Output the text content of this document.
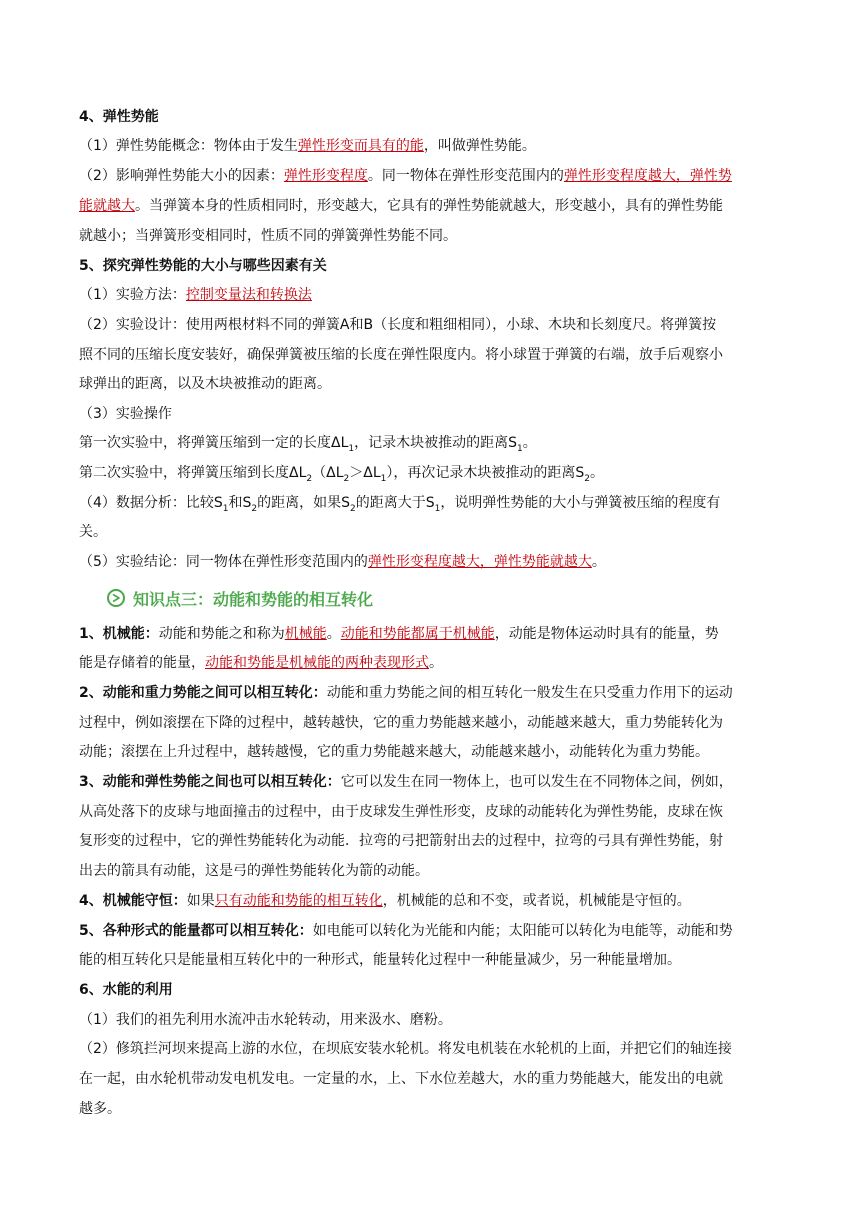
4、弹性势能
（1）弹性势能概念：物体由于发生弹性形变而具有的能，叫做弹性势能。
（2）影响弹性势能大小的因素：弹性形变程度。同一物体在弹性形变范围内的弹性形变程度越大，弹性势
能就越大。当弹簧本身的性质相同时，形变越大，它具有的弹性势能就越大，形变越小，具有的弹性势能
就越小；当弹簧形变相同时，性质不同的弹簧弹性势能不同。
5、探究弹性势能的大小与哪些因素有关
（1）实验方法：控制变量法和转换法
（2）实验设计：使用两根材料不同的弹簧A和B（长度和粗细相同），小球、木块和长刻度尺。将弹簧按
照不同的压缩长度安装好，确保弹簧被压缩的长度在弹性限度内。将小球置于弹簧的右端，放手后观察小
球弹出的距离，以及木块被推动的距离。
（3）实验操作
第一次实验中，将弹簧压缩到一定的长度$\Delta L_1$，记录木块被推动的距离$S_1$。
第二次实验中，将弹簧压缩到长度$\Delta L_2(\Delta L_2>\Delta L_1)$，再次记录木块被推动的距离$S_2$。
（4）数据分析：比较$S_1$和$S_2$的距离，如果$S_2$的距离大于$S_1$，说明弹性势能的大小与弹簧被压缩的程度有
关。
（5）实验结论：同一物体在弹性形变范围内的弹性形变程度越大，弹性势能就越大。
知识点三：动能和势能的相互转化
1、机械能：动能和势能之和称为机械能。动能和势能都属于机械能，动能是物体运动时具有的能量，势
能是存储着的能量，动能和势能是机械能的两种表现形式。
2、动能和重力势能之间可以相互转化：动能和重力势能之间的相互转化一般发生在只受重力作用下的运动
过程中，例如滚摆在下降的过程中，越转越快，它的重力势能越来越小，动能越来越大，重力势能转化为
动能；滚摆在上升过程中，越转越慢，它的重力势能越来越大，动能越来越小，动能转化为重力势能。
3、动能和弹性势能之间也可以相互转化：它可以发生在同一物体上，也可以发生在不同物体之间，例如，
从高处落下的皮球与地面撞击的过程中，由于皮球发生弹性形变，皮球的动能转化为弹性势能，皮球在恢
复形变的过程中，它的弹性势能转化为动能．拉弯的弓把箭射出去的过程中，拉弯的弓具有弹性势能，射
出去的箭具有动能，这是弓的弹性势能转化为箭的动能。
4、机械能守恒：如果只有动能和势能的相互转化，机械能的总和不变，或者说，机械能是守恒的。
5、各种形式的能量都可以相互转化：如电能可以转化为光能和内能；太阳能可以转化为电能等，动能和势
能的相互转化只是能量相互转化中的一种形式，能量转化过程中一种能量减少，另一种能量增加。
6、水能的利用
（1）我们的祖先利用水流冲击水轮转动，用来汲水、磨粉。
（2）修筑拦河坝来提高上游的水位，在坝底安装水轮机。将发电机装在水轮机的上面，并把它们的轴连接
在一起，由水轮机带动发电机发电。一定量的水，上、下水位差越大，水的重力势能越大，能发出的电就
越多。
